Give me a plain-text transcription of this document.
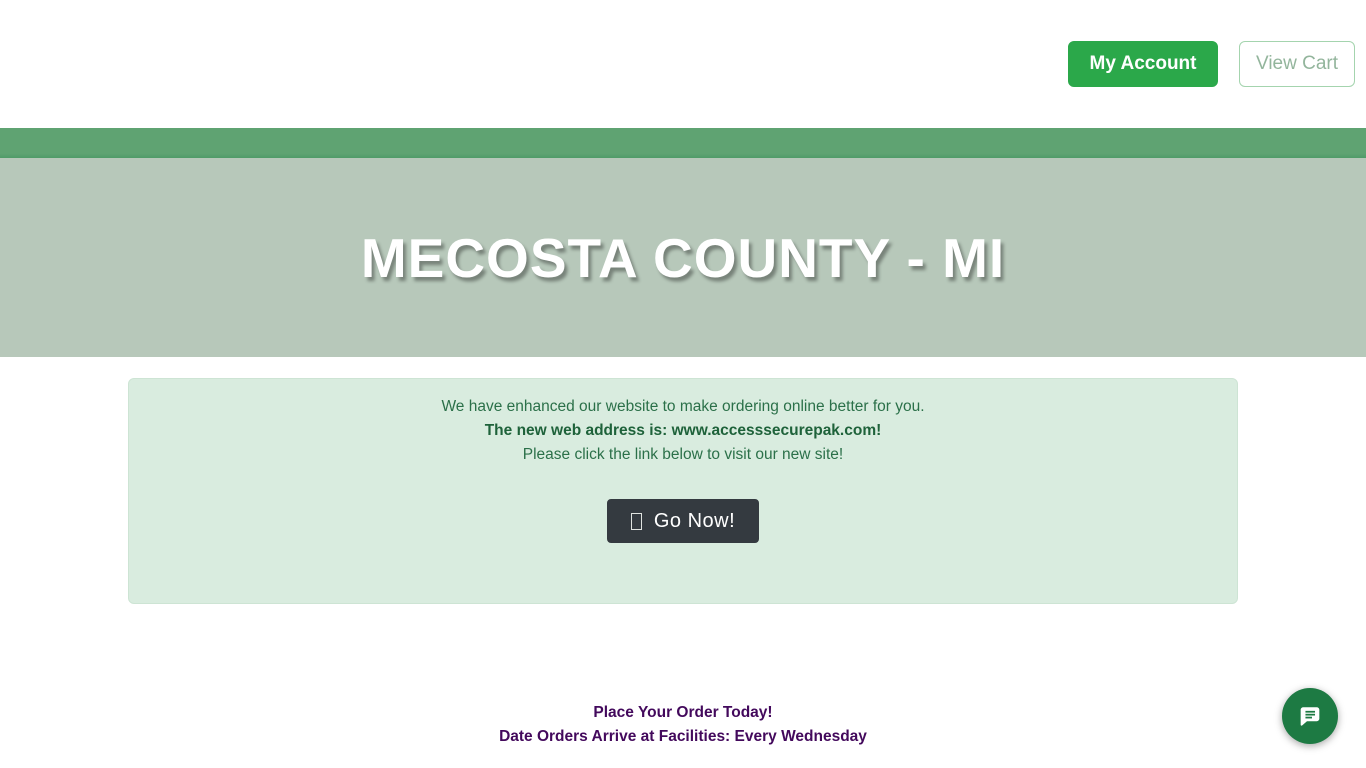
My Account	View Cart
MECOSTA COUNTY - MI

We have enhanced our website to make ordering online better for you.

The new web address is: www.accesssecurepak.com!

Please click the link below to visit our new site!

Go Now!

Place Your Order Today!

Date Orders Arrive at Facilities: Every Wednesday
